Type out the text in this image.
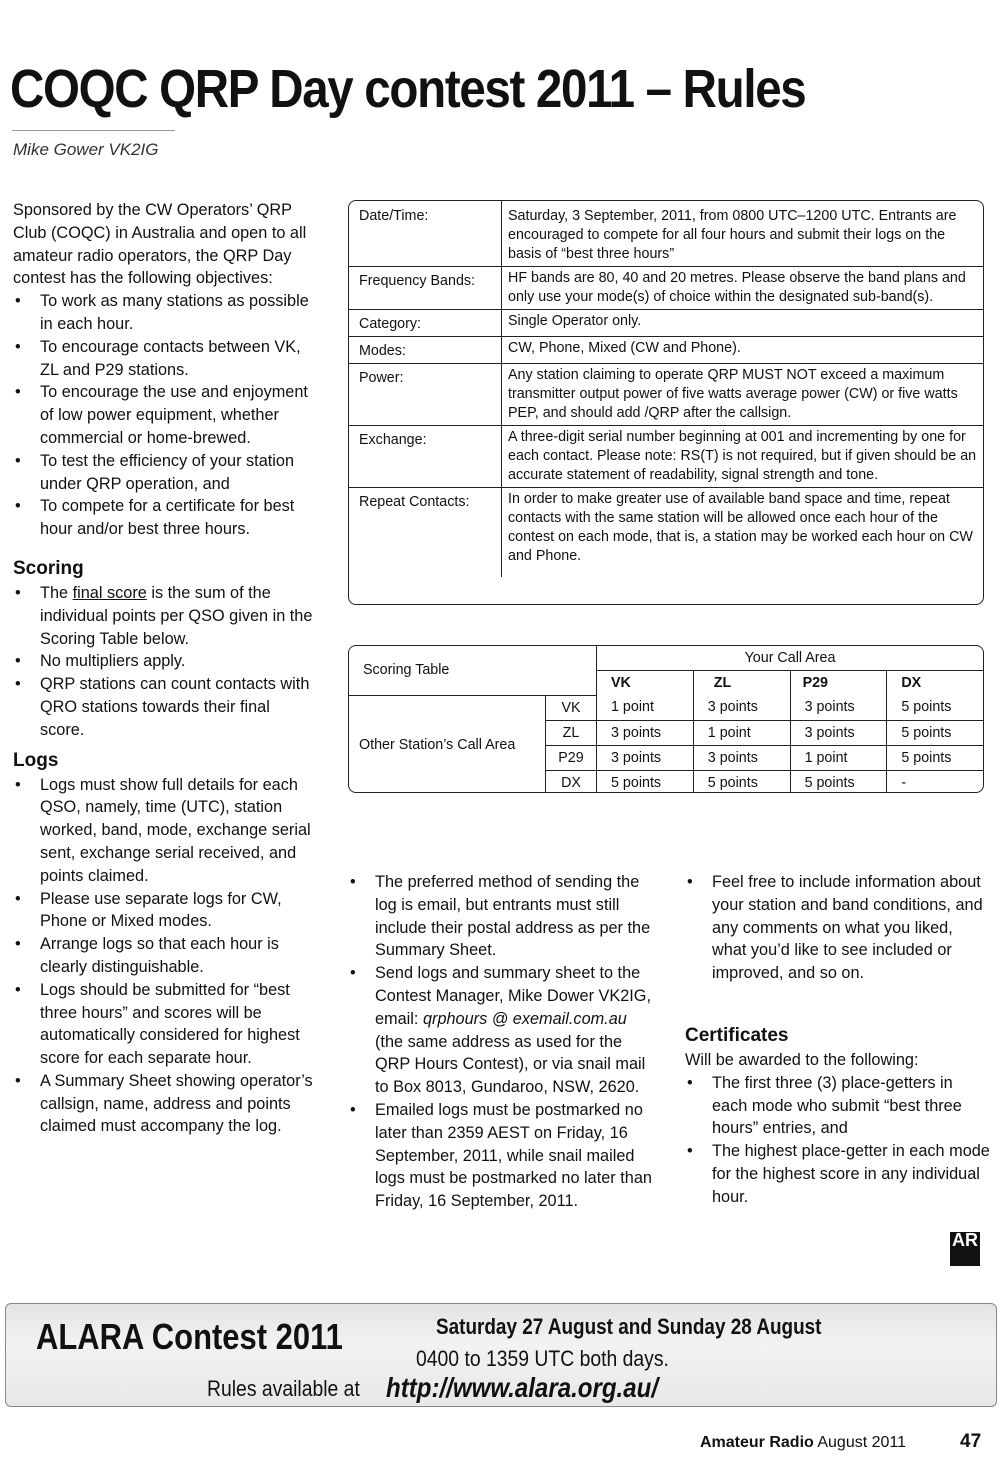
COQC QRP Day contest 2011 – Rules
Mike Gower VK2IG

Sponsored by the CW Operators’ QRP Club (COQC) in Australia and open to all amateur radio operators, the QRP Day contest has the following objectives:

• To work as many stations as possible in each hour.
• To encourage contacts between VK, ZL and P29 stations.
• To encourage the use and enjoyment of low power equipment, whether commercial or home-brewed.
• To test the efficiency of your station under QRP operation, and
• To compete for a certificate for best hour and/or best three hours.
Scoring
• The final score is the sum of the individual points per QSO given in the Scoring Table below.
• No multipliers apply.
• QRP stations can count contacts with QRO stations towards their final score.
Logs
• Logs must show full details for each QSO, namely, time (UTC), station worked, band, mode, exchange serial sent, exchange serial received, and points claimed.
• Please use separate logs for CW, Phone or Mixed modes.
• Arrange logs so that each hour is clearly distinguishable.
• Logs should be submitted for “best three hours” and scores will be automatically considered for highest score for each separate hour.
• A Summary Sheet showing operator’s callsign, name, address and points claimed must accompany the log.
Date/Time:	Saturday, 3 September, 2011, from 0800 UTC–1200 UTC. Entrants are encouraged to compete for all four hours and submit their logs on the basis of “best three hours”
Frequency Bands:	HF bands are 80, 40 and 20 metres. Please observe the band plans and only use your mode(s) of choice within the designated sub-band(s).
Category:	Single Operator only.
Modes:	CW, Phone, Mixed (CW and Phone).
Power:	Any station claiming to operate QRP MUST NOT exceed a maximum transmitter output power of five watts average power (CW) or five watts PEP, and should add /QRP after the callsign.
Exchange:	A three-digit serial number beginning at 001 and incrementing by one for each contact. Please note: RS(T) is not required, but if given should be an accurate statement of readability, signal strength and tone.
Repeat Contacts:	In order to make greater use of available band space and time, repeat contacts with the same station will be allowed once each hour of the contest on each mode, that is, a station may be worked each hour on CW and Phone.
Scoring Table		Your Call Area			
		VK	ZL	P29	DX
Other Station’s Call Area	VK	1 point	3 points	3 points	5 points
	ZL	3 points	1 point	3 points	5 points
	P29	3 points	3 points	1 point	5 points
	DX	5 points	5 points	5 points	-
• The preferred method of sending the log is email, but entrants must still include their postal address as per the Summary Sheet.
• Send logs and summary sheet to the Contest Manager, Mike Dower VK2IG, email: qrphours @ exemail.com.au (the same address as used for the QRP Hours Contest), or via snail mail to Box 8013, Gundaroo, NSW, 2620.
• Emailed logs must be postmarked no later than 2359 AEST on Friday, 16 September, 2011, while snail mailed logs must be postmarked no later than Friday, 16 September, 2011.
• Feel free to include information about your station and band conditions, and any comments on what you liked, what you’d like to see included or improved, and so on.
Certificates

Will be awarded to the following:

• The first three (3) place-getters in each mode who submit “best three hours” entries, and
• The highest place-getter in each mode for the highest score in any individual hour.
AR
ALARA Contest 2011	Saturday 27 August and Sunday 28 August
0400 to 1359 UTC both days.
Rules available at http://www.alara.org.au/
Amateur Radio August 2011	47
